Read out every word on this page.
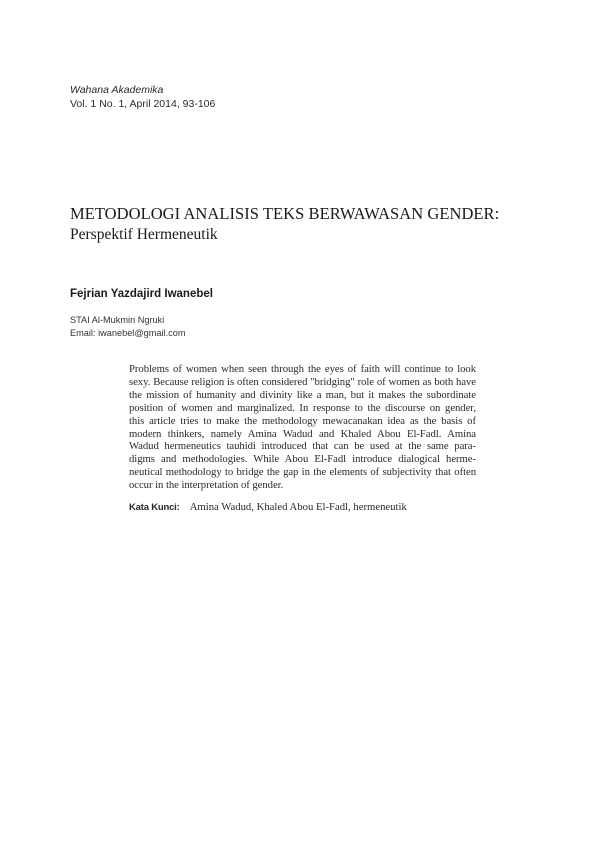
Wahana Akademika
Vol. 1 No. 1, April 2014, 93-106
METODOLOGI ANALISIS TEKS BERWAWASAN GENDER:
Perspektif Hermeneutik
Fejrian Yazdajird Iwanebel
STAI Al-Mukmin Ngruki
Email: iwanebel@gmail.com
Problems of women when seen through the eyes of faith will continue to look
sexy. Because religion is often considered "bridging" role of women as both have
the mission of humanity and divinity like a man, but it makes the subordinate
position of women and marginalized. In response to the discourse on gender,
this article tries to make the methodology mewacanakan idea as the basis of
modern thinkers, namely Amina Wadud and Khaled Abou El-Fadl. Amina
Wadud hermeneutics tauhidi introduced that can be used at the same para-
digms and methodologies. While Abou El-Fadl introduce dialogical herme-
neutical methodology to bridge the gap in the elements of subjectivity that often
occur in the interpretation of gender.
Kata Kunci: Amina Wadud, Khaled Abou El-Fadl, hermeneutik
